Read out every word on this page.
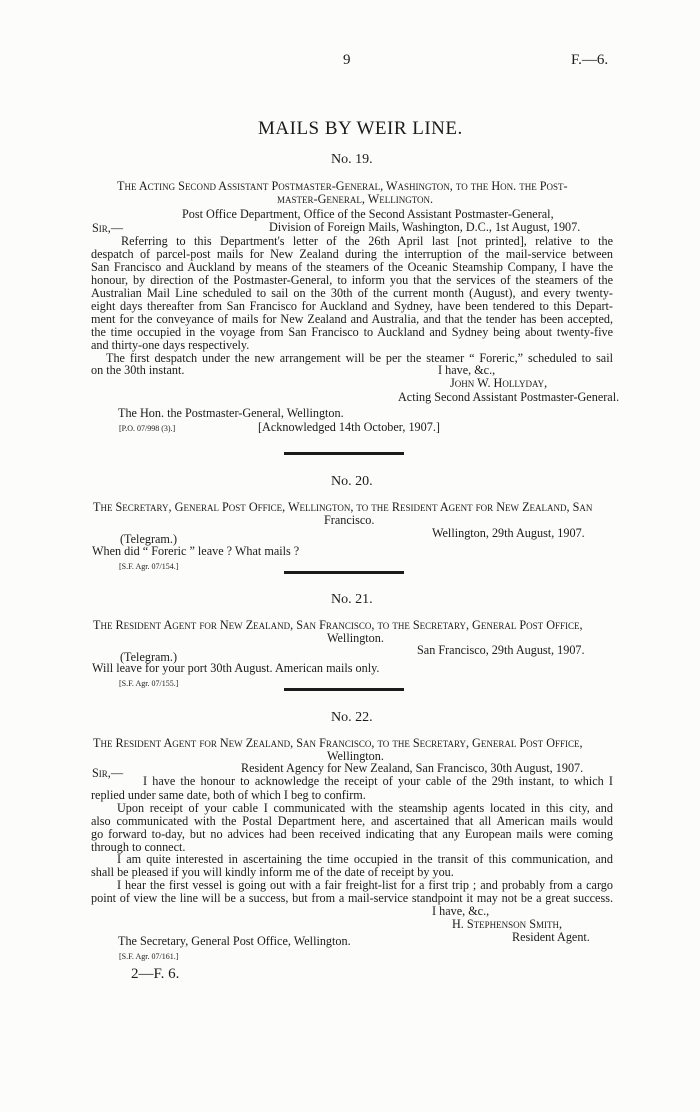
9	F.—6.
MAILS BY WEIR LINE.
No. 19.
The Acting Second Assistant Postmaster-General, Washington, to the Hon. the Post-
master-General, Wellington.
Post Office Department, Office of the Second Assistant Postmaster-General,
Sir,—	Division of Foreign Mails, Washington, D.C., 1st August, 1907.
Referring to this Department's letter of the 26th April last [not printed], relative to the
despatch of parcel-post mails for New Zealand during the interruption of the mail-service between
San Francisco and Auckland by means of the steamers of the Oceanic Steamship Company, I have the
honour, by direction of the Postmaster-General, to inform you that the services of the steamers of the
Australian Mail Line scheduled to sail on the 30th of the current month (August), and every twenty-
eight days thereafter from San Francisco for Auckland and Sydney, have been tendered to this Depart-
ment for the conveyance of mails for New Zealand and Australia, and that the tender has been accepted,
the time occupied in the voyage from San Francisco to Auckland and Sydney being about twenty-five
and thirty-one days respectively.
The first despatch under the new arrangement will be per the steamer “ Foreric,” scheduled to sail
on the 30th instant.	I have, &c.,
John W. Hollyday,
Acting Second Assistant Postmaster-General.
The Hon. the Postmaster-General, Wellington.
[P.O. 07/998 (3).]	[Acknowledged 14th October, 1907.]
No. 20.
The Secretary, General Post Office, Wellington, to the Resident Agent for New Zealand, San
Francisco.
(Telegram.)	Wellington, 29th August, 1907.
When did “ Foreric ” leave ? What mails ?
[S.F. Agr. 07/154.]
No. 21.
The Resident Agent for New Zealand, San Francisco, to the Secretary, General Post Office,
Wellington.
(Telegram.)	San Francisco, 29th August, 1907.
Will leave for your port 30th August. American mails only.
[S.F. Agr. 07/155.]
No. 22.
The Resident Agent for New Zealand, San Francisco, to the Secretary, General Post Office,
Wellington.
Sir,—	Resident Agency for New Zealand, San Francisco, 30th August, 1907.
I have the honour to acknowledge the receipt of your cable of the 29th instant, to which I
replied under same date, both of which I beg to confirm.
Upon receipt of your cable I communicated with the steamship agents located in this city, and
also communicated with the Postal Department here, and ascertained that all American mails would
go forward to-day, but no advices had been received indicating that any European mails were coming
through to connect.
I am quite interested in ascertaining the time occupied in the transit of this communication, and
shall be pleased if you will kindly inform me of the date of receipt by you.
I hear the first vessel is going out with a fair freight-list for a first trip ; and probably from a cargo
point of view the line will be a success, but from a mail-service standpoint it may not be a great success.
I have, &c.,
H. Stephenson Smith,
Resident Agent.
The Secretary, General Post Office, Wellington.
[S.F. Agr. 07/161.]
2—F. 6.
